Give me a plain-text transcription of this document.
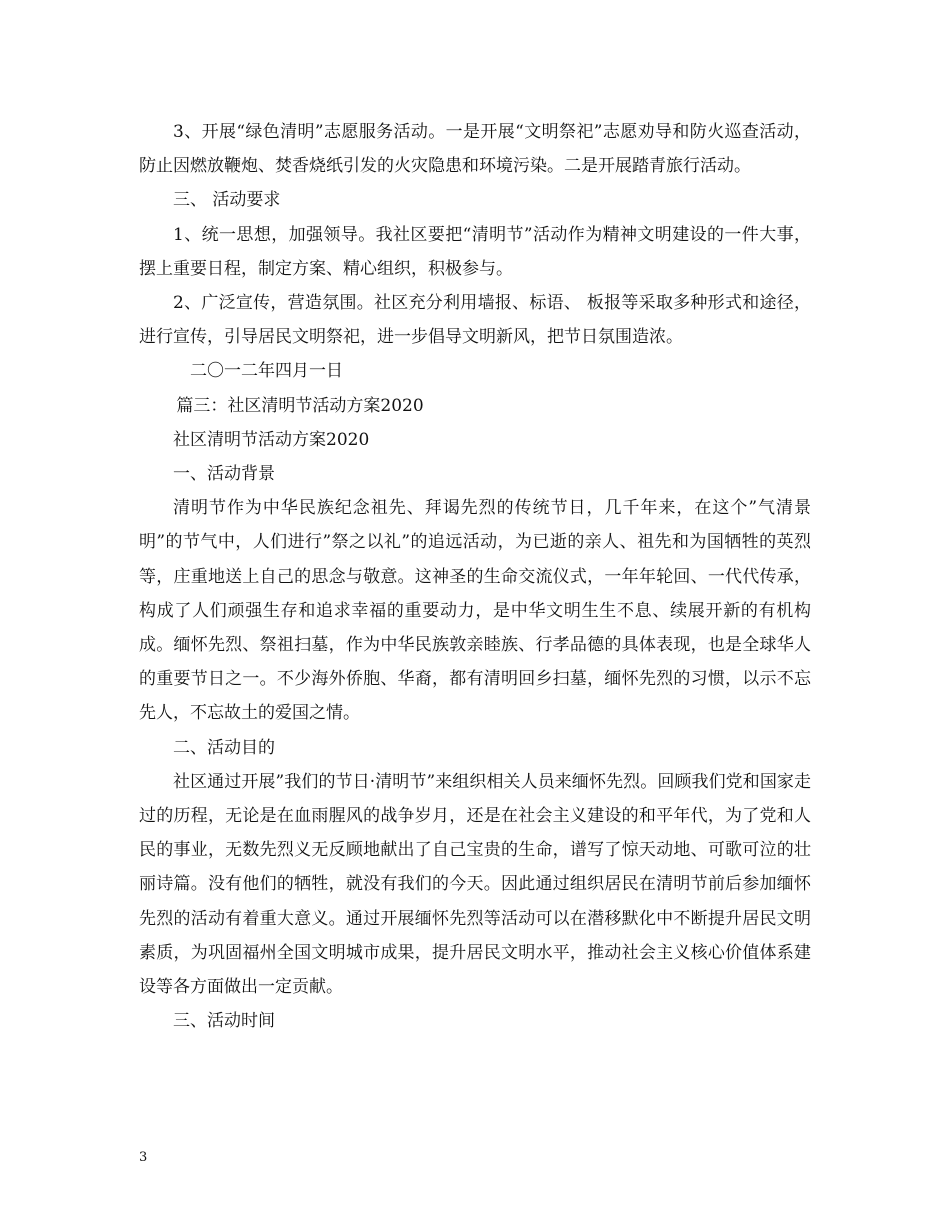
3、开展“绿色清明”志愿服务活动。一是开展“文明祭祀”志愿劝导和防火巡查活动，防止因燃放鞭炮、焚香烧纸引发的火灾隐患和环境污染。二是开展踏青旅行活动。

三、 活动要求

1、统一思想，加强领导。我社区要把“清明节”活动作为精神文明建设的一件大事，摆上重要日程，制定方案、精心组织，积极参与。

2、广泛宣传，营造氛围。社区充分利用墙报、标语、 板报等采取多种形式和途径，进行宣传，引导居民文明祭祀，进一步倡导文明新风，把节日氛围造浓。

二〇一二年四月一日

篇三：社区清明节活动方案2020

社区清明节活动方案2020

一、活动背景

清明节作为中华民族纪念祖先、拜谒先烈的传统节日，几千年来，在这个”气清景明”的节气中，人们进行”祭之以礼”的追远活动，为已逝的亲人、祖先和为国牺牲的英烈等，庄重地送上自己的思念与敬意。这神圣的生命交流仪式，一年年轮回、一代代传承，构成了人们顽强生存和追求幸福的重要动力，是中华文明生生不息、续展开新的有机构成。缅怀先烈、祭祖扫墓，作为中华民族敦亲睦族、行孝品德的具体表现，也是全球华人的重要节日之一。不少海外侨胞、华裔，都有清明回乡扫墓，缅怀先烈的习惯，以示不忘先人，不忘故土的爱国之情。

二、活动目的

社区通过开展”我们的节日·清明节”来组织相关人员来缅怀先烈。回顾我们党和国家走过的历程，无论是在血雨腥风的战争岁月，还是在社会主义建设的和平年代，为了党和人民的事业，无数先烈义无反顾地献出了自己宝贵的生命，谱写了惊天动地、可歌可泣的壮丽诗篇。没有他们的牺牲，就没有我们的今天。因此通过组织居民在清明节前后参加缅怀先烈的活动有着重大意义。通过开展缅怀先烈等活动可以在潜移默化中不断提升居民文明素质，为巩固福州全国文明城市成果，提升居民文明水平，推动社会主义核心价值体系建设等各方面做出一定贡献。

三、活动时间

3
